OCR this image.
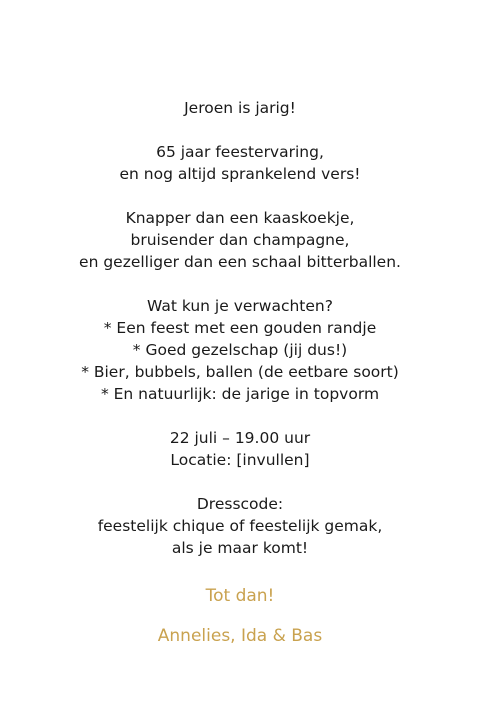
Jeroen is jarig!
65 jaar feestervaring,
en nog altijd sprankelend vers!
Knapper dan een kaaskoekje,
bruisender dan champagne,
en gezelliger dan een schaal bitterballen.
Wat kun je verwachten?
* Een feest met een gouden randje
* Goed gezelschap (jij dus!)
* Bier, bubbels, ballen (de eetbare soort)
* En natuurlijk: de jarige in topvorm
22 juli – 19.00 uur
Locatie: [invullen]
Dresscode:
feestelijk chique of feestelijk gemak,
als je maar komt!
Tot dan!
Annelies, Ida & Bas
